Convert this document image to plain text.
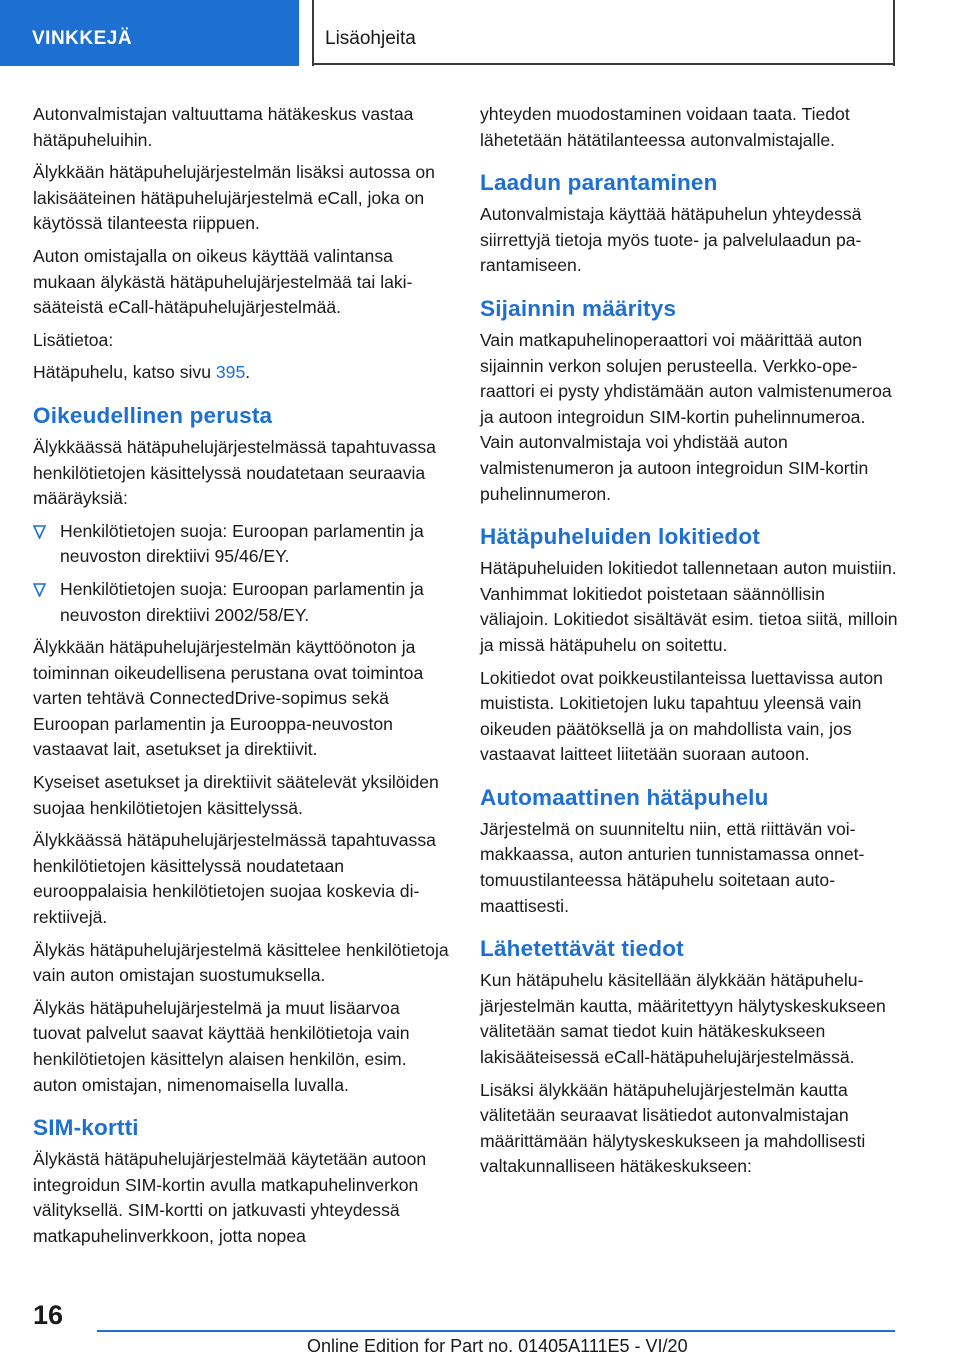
VINKKEJÄ	Lisäohjeita

Autonvalmistajan valtuuttama hätäkeskus vastaa hätäpuheluihin.

Älykkään hätäpuhelujärjestelmän lisäksi autossa on lakisääteinen hätäpuhelujärjestelmä eCall, joka on käytössä tilanteesta riippuen.

Auton omistajalla on oikeus käyttää valintansa mukaan älykästä hätäpuhelujärjestelmää tai lakisääteistä eCall-hätäpuhelujärjestelmää.

Lisätietoa:

Hätäpuhelu, katso sivu 395.

Oikeudellinen perusta

Älykkäässä hätäpuhelujärjestelmässä tapahtuvassa henkilötietojen käsittelyssä noudatetaan seuraavia määräyksiä:

Henkilötietojen suoja: Euroopan parlamentin ja neuvoston direktiivi 95/46/EY.
Henkilötietojen suoja: Euroopan parlamentin ja neuvoston direktiivi 2002/58/EY.

Älykkään hätäpuhelujärjestelmän käyttöönoton ja toiminnan oikeudellisena perustana ovat toimintoa varten tehtävä ConnectedDrive-sopimus sekä Euroopan parlamentin ja Eurooppa-neuvoston vastaavat lait, asetukset ja direktiivit.

Kyseiset asetukset ja direktiivit säätelevät yksilöiden suojaa henkilötietojen käsittelyssä.

Älykkäässä hätäpuhelujärjestelmässä tapahtuvassa henkilötietojen käsittelyssä noudatetaan eurooppalaisia henkilötietojen suojaa koskevia direktiivejä.

Älykäs hätäpuhelujärjestelmä käsittelee henkilötietoja vain auton omistajan suostumuksella.

Älykäs hätäpuhelujärjestelmä ja muut lisäarvoa tuovat palvelut saavat käyttää henkilötietoja vain henkilötietojen käsittelyn alaisen henkilön, esim. auton omistajan, nimenomaisella luvalla.

SIM-kortti

Älykästä hätäpuhelujärjestelmää käytetään autoon integroidun SIM-kortin avulla matkapuhelinverkon välityksellä. SIM-kortti on jatkuvasti yhteydessä matkapuhelinverkkoon, jotta nopea

yhteyden muodostaminen voidaan taata. Tiedot lähetetään hätätilanteessa autonvalmistajalle.

Laadun parantaminen

Autonvalmistaja käyttää hätäpuhelun yhteydessä siirrettyjä tietoja myös tuote- ja palvelulaadun parantamiseen.

Sijainnin määritys

Vain matkapuhelinoperaattori voi määrittää auton sijainnin verkon solujen perusteella. Verkko-operaattori ei pysty yhdistämään auton valmistenumeroa ja autoon integroidun SIM-kortin puhelinnumeroa. Vain autonvalmistaja voi yhdistää auton valmistenumeron ja autoon integroidun SIM-kortin puhelinnumeron.

Hätäpuheluiden lokitiedot

Hätäpuheluiden lokitiedot tallennetaan auton muistiin. Vanhimmat lokitiedot poistetaan säännöllisin väliajoin. Lokitiedot sisältävät esim. tietoa siitä, milloin ja missä hätäpuhelu on soitettu.

Lokitiedot ovat poikkeustilanteissa luettavissa auton muistista. Lokitietojen luku tapahtuu yleensä vain oikeuden päätöksellä ja on mahdollista vain, jos vastaavat laitteet liitetään suoraan autoon.

Automaattinen hätäpuhelu

Järjestelmä on suunniteltu niin, että riittävän voimakkaassa, auton anturien tunnistamassa onnettomuustilanteessa hätäpuhelu soitetaan automaattisesti.

Lähetettävät tiedot

Kun hätäpuhelu käsitellään älykkään hätäpuhelujärjestelmän kautta, määritettyyn hälytyskeskukseen välitetään samat tiedot kuin hätäkeskukseen lakisääteisessä eCall-hätäpuhelujärjestelmässä.

Lisäksi älykkään hätäpuhelujärjestelmän kautta välitetään seuraavat lisätiedot autonvalmistajan määrittämään hälytyskeskukseen ja mahdollisesti valtakunnalliseen hätäkeskukseen:

16
Online Edition for Part no. 01405A111E5 - VI/20
